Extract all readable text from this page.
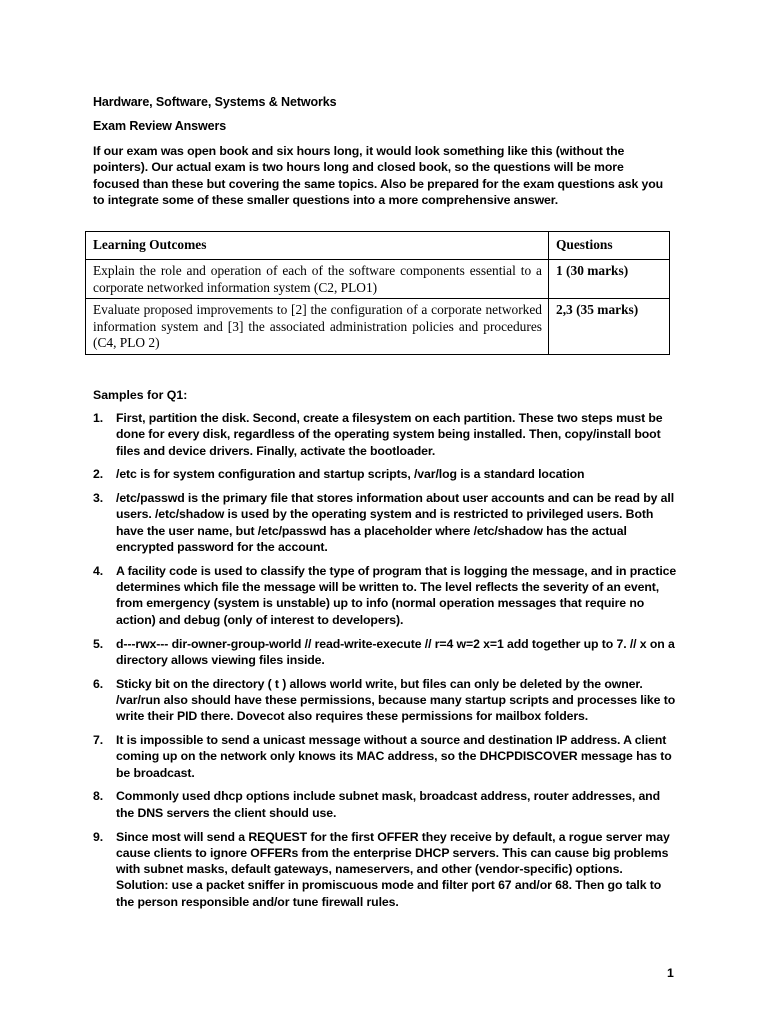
Hardware, Software, Systems & Networks
Exam Review Answers
If our exam was open book and six hours long, it would look something like this (without the pointers). Our actual exam is two hours long and closed book, so the questions will be more focused than these but covering the same topics. Also be prepared for the exam questions ask you to integrate some of these smaller questions into a more comprehensive answer.
Learning Outcomes	Questions
Explain the role and operation of each of the software components essential to a corporate networked information system (C2, PLO1)	1 (30 marks)
Evaluate proposed improvements to [2] the configuration of a corporate networked information system and [3] the associated administration policies and procedures (C4, PLO 2)	2,3 (35 marks)
Samples for Q1:
1. First, partition the disk. Second, create a filesystem on each partition. These two steps must be done for every disk, regardless of the operating system being installed. Then, copy/install boot files and device drivers. Finally, activate the bootloader.
2. /etc is for system configuration and startup scripts, /var/log is a standard location
3. /etc/passwd is the primary file that stores information about user accounts and can be read by all users. /etc/shadow is used by the operating system and is restricted to privileged users. Both have the user name, but /etc/passwd has a placeholder where /etc/shadow has the actual encrypted password for the account.
4. A facility code is used to classify the type of program that is logging the message, and in practice determines which file the message will be written to. The level reflects the severity of an event, from emergency (system is unstable) up to info (normal operation messages that require no action) and debug (only of interest to developers).
5. d---rwx--- dir-owner-group-world // read-write-execute // r=4 w=2 x=1 add together up to 7. // x on a directory allows viewing files inside.
6. Sticky bit on the directory ( t ) allows world write, but files can only be deleted by the owner. /var/run also should have these permissions, because many startup scripts and processes like to write their PID there. Dovecot also requires these permissions for mailbox folders.
7. It is impossible to send a unicast message without a source and destination IP address. A client coming up on the network only knows its MAC address, so the DHCPDISCOVER message has to be broadcast.
8. Commonly used dhcp options include subnet mask, broadcast address, router addresses, and the DNS servers the client should use.
9. Since most will send a REQUEST for the first OFFER they receive by default, a rogue server may cause clients to ignore OFFERs from the enterprise DHCP servers. This can cause big problems with subnet masks, default gateways, nameservers, and other (vendor-specific) options. Solution: use a packet sniffer in promiscuous mode and filter port 67 and/or 68. Then go talk to the person responsible and/or tune firewall rules.
1
